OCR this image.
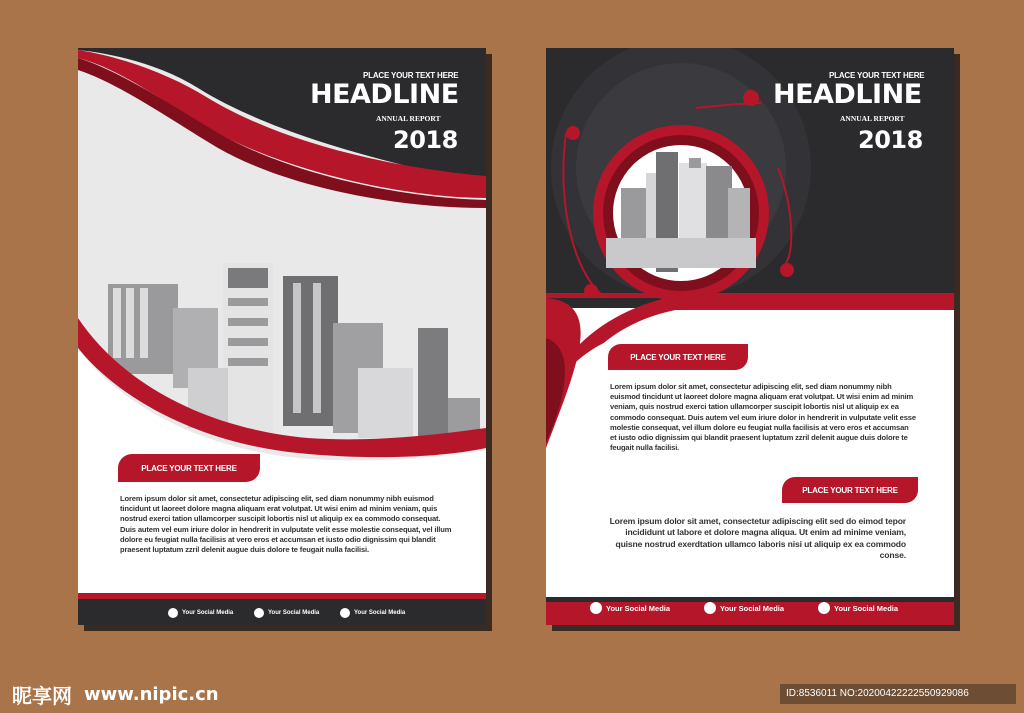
PLACE YOUR TEXT HERE
HEADLINE
ANNUAL REPORT
2018
PLACE YOUR TEXT HERE
Lorem ipsum dolor sit amet, consectetur adipiscing elit, sed diam nonummy nibh euismod tincidunt ut laoreet dolore magna aliquam erat volutpat. Ut wisi enim ad minim veniam, quis nostrud exerci tation ullamcorper suscipit lobortis nisl ut aliquip ex ea commodo consequat. Duis autem vel eum iriure dolor in hendrerit in vulputate velit esse molestie consequat, vel illum dolore eu feugiat nulla facilisis at vero eros et accumsan et iusto odio dignissim qui blandit praesent luptatum zzril delenit augue duis dolore te feugait nulla facilisi.
Your Social Media	Your Social Media	Your Social Media
PLACE YOUR TEXT HERE
HEADLINE
ANNUAL REPORT
2018
PLACE YOUR TEXT HERE
Lorem ipsum dolor sit amet, consectetur adipiscing elit, sed diam nonummy nibh euismod tincidunt ut laoreet dolore magna aliquam erat volutpat. Ut wisi enim ad minim veniam, quis nostrud exerci tation ullamcorper suscipit lobortis nisl ut aliquip ex ea commodo consequat. Duis autem vel eum iriure dolor in hendrerit in vulputate velit esse molestie consequat, vel illum dolore eu feugiat nulla facilisis at vero eros et accumsan et iusto odio dignissim qui blandit praesent luptatum zzril delenit augue duis dolore te feugait nulla facilisi.
PLACE YOUR TEXT HERE
Lorem ipsum dolor sit amet, consectetur adipiscing elit sed do eimod tepor incididunt ut labore et dolore magna aliqua. Ut enim ad minime veniam, quisne nostrud exerdtation ullamco laboris nisi ut aliquip ex ea commodo conse.
Your Social Media	Your Social Media	Your Social Media
昵享网 www.nipic.cn	ID:8536011 NO:20200422222550929086
